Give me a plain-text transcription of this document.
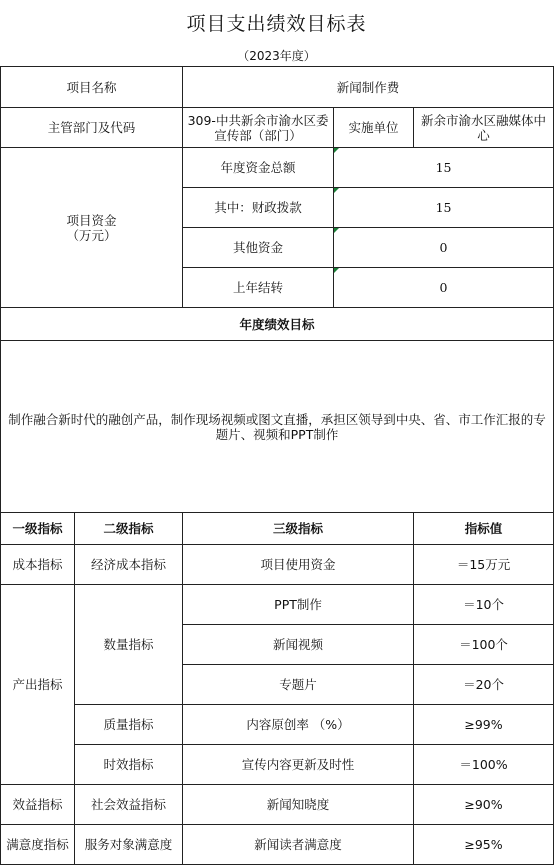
项目支出绩效目标表
（2023年度）
项目名称		新闻制作费		
主管部门及代码		309-中共新余市渝水区委宣传部（部门）	实施单位	新余市渝水区融媒体中心
项目资金
（万元）		年度资金总额	15	
		其中：财政拨款	15	
		其他资金	0	
		上年结转	0	
年度绩效目标				
制作融合新时代的融创产品，制作现场视频或图文直播，承担区领导到中央、省、市工作汇报的专题片、视频和PPT制作				
一级指标	二级指标	三级指标		指标值
成本指标	经济成本指标	项目使用资金		＝15万元
产出指标	数量指标	PPT制作		＝10个
		新闻视频		＝100个
		专题片		＝20个
	质量指标	内容原创率 （%）		≥99%
	时效指标	宣传内容更新及时性		＝100%
效益指标	社会效益指标	新闻知晓度		≥90%
满意度指标	服务对象满意度	新闻读者满意度		≥95%
